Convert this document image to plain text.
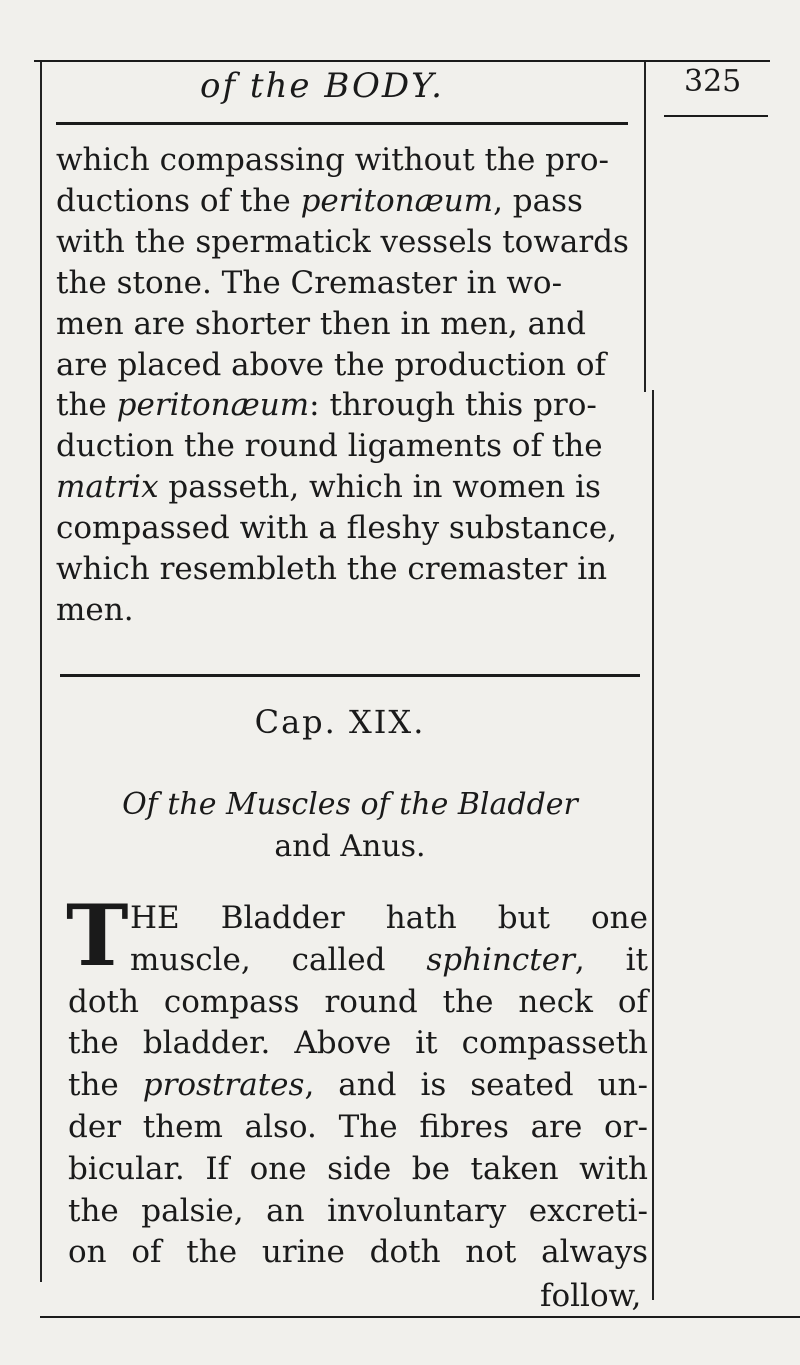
of the BODY.	325
which compassing without the pro-
ductions of the peritonæum, pass
with the spermatick vessels towards
the stone. The Cremaster in wo-
men are shorter then in men, and
are placed above the production of
the peritonæum: through this pro-
duction the round ligaments of the
matrix passeth, which in women is
compassed with a fleshy substance,
which resembleth the cremaster in
men.
Cap. XIX.
Of the Muscles of the Bladder
and Anus.
T HE Bladder hath but one
muscle, called sphincter, it
doth compass round the neck of
the bladder. Above it compasseth
the prostrates, and is seated un-
der them also. The fibres are or-
bicular. If one side be taken with
the palsie, an involuntary excreti-
on of the urine doth not always
follow,
